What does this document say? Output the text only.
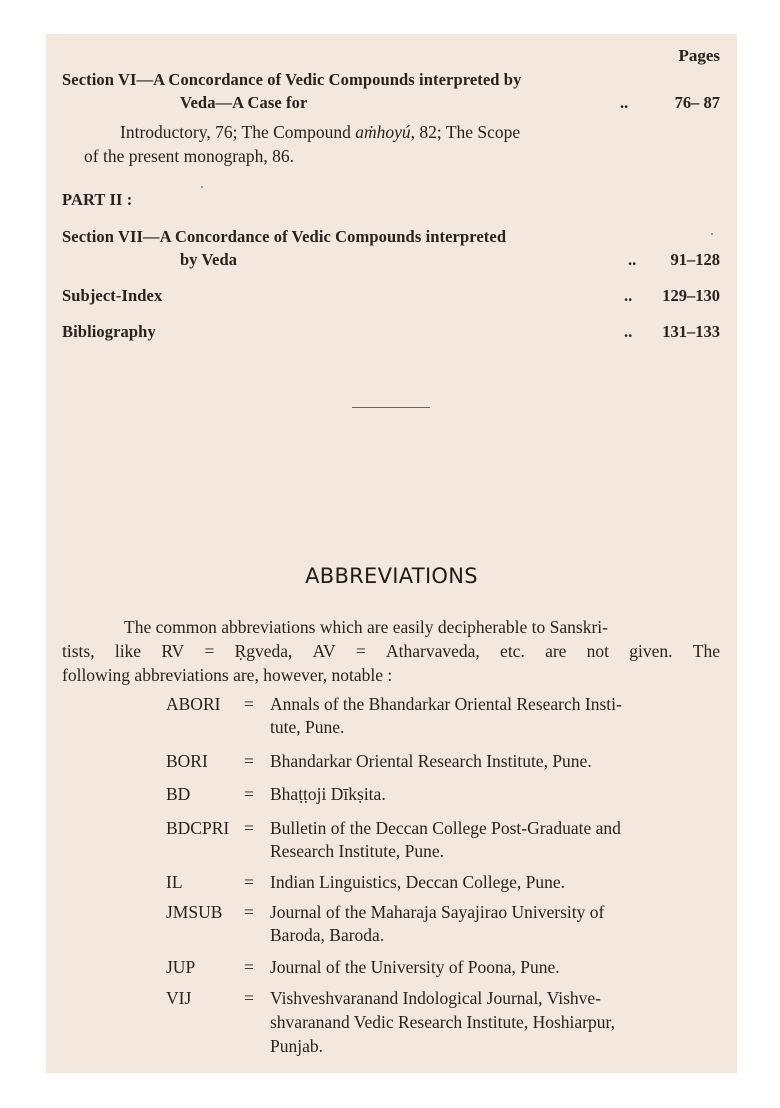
Pages
Section VI—A Concordance of Vedic Compounds interpreted by
Veda—A Case for	..	76– 87
Introductory, 76; The Compound aṁhoyú, 82; The Scope
of the present monograph, 86.
PART II :
Section VII—A Concordance of Vedic Compounds interpreted
by Veda	.. 91–128
Subject-Index	.. 129–130
Bibliography	.. 131–133
ABBREVIATIONS
The common abbreviations which are easily decipherable to Sanskri-
tists, like RV = Ṛgveda, AV = Atharvaveda, etc. are not given. The
following abbreviations are, however, notable :
ABORI = Annals of the Bhandarkar Oriental Research Insti-
tute, Pune.
BORI = Bhandarkar Oriental Research Institute, Pune.
BD	= Bhaṭṭoji Dīkṣita.
BDCPRI = Bulletin of the Deccan College Post-Graduate and
Research Institute, Pune.
IL	= Indian Linguistics, Deccan College, Pune.
JMSUB = Journal of the Maharaja Sayajirao University of
Baroda, Baroda.
JUP	= Journal of the University of Poona, Pune.
VIJ	= Vishveshvaranand Indological Journal, Vishve-
shvaranand Vedic Research Institute, Hoshiarpur,
Punjab.
